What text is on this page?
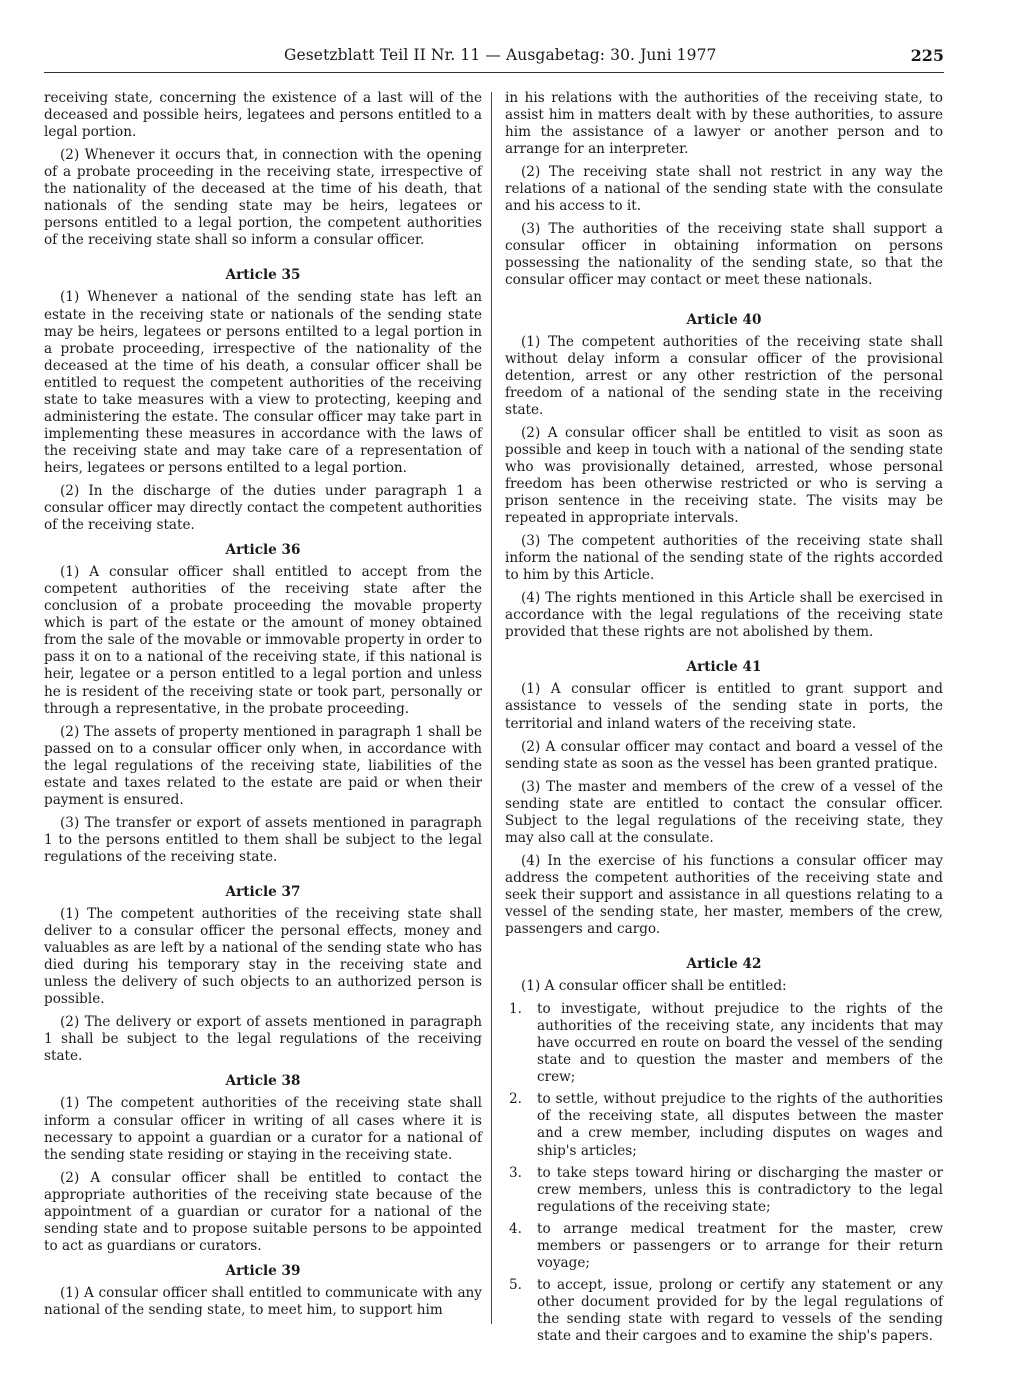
Gesetzblatt Teil II Nr. 11 — Ausgabetag: 30. Juni 1977	225

receiving state, concerning the existence of a last will of the deceased and possible heirs, legatees and persons entitled to a legal portion.

(2) Whenever it occurs that, in connection with the opening of a probate proceeding in the receiving state, irrespective of the nationality of the deceased at the time of his death, that nationals of the sending state may be heirs, legatees or persons entitled to a legal portion, the competent authorities of the receiving state shall so inform a consular officer.

Article 35

(1) Whenever a national of the sending state has left an estate in the receiving state or nationals of the sending state may be heirs, legatees or persons entilted to a legal portion in a probate proceeding, irrespective of the nationality of the deceased at the time of his death, a consular officer shall be entitled to request the competent authorities of the receiving state to take measures with a view to protecting, keeping and administering the estate. The consular officer may take part in implementing these measures in accordance with the laws of the receiving state and may take care of a representation of heirs, legatees or persons entilted to a legal portion.

(2) In the discharge of the duties under paragraph 1 a consular officer may directly contact the competent authorities of the receiving state.

Article 36

(1) A consular officer shall entitled to accept from the competent authorities of the receiving state after the conclusion of a probate proceeding the movable property which is part of the estate or the amount of money obtained from the sale of the movable or immovable property in order to pass it on to a national of the receiving state, if this national is heir, legatee or a person entitled to a legal portion and unless he is resident of the receiving state or took part, personally or through a representative, in the probate proceeding.

(2) The assets of property mentioned in paragraph 1 shall be passed on to a consular officer only when, in accordance with the legal regulations of the receiving state, liabilities of the estate and taxes related to the estate are paid or when their payment is ensured.

(3) The transfer or export of assets mentioned in paragraph 1 to the persons entitled to them shall be subject to the legal regulations of the receiving state.

Article 37

(1) The competent authorities of the receiving state shall deliver to a consular officer the personal effects, money and valuables as are left by a national of the sending state who has died during his temporary stay in the receiving state and unless the delivery of such objects to an authorized person is possible.

(2) The delivery or export of assets mentioned in paragraph 1 shall be subject to the legal regulations of the receiving state.

Article 38

(1) The competent authorities of the receiving state shall inform a consular officer in writing of all cases where it is necessary to appoint a guardian or a curator for a national of the sending state residing or staying in the receiving state.

(2) A consular officer shall be entitled to contact the appropriate authorities of the receiving state because of the appointment of a guardian or curator for a national of the sending state and to propose suitable persons to be appointed to act as guardians or curators.

Article 39

(1) A consular officer shall entitled to communicate with any national of the sending state, to meet him, to support him

in his relations with the authorities of the receiving state, to assist him in matters dealt with by these authorities, to assure him the assistance of a lawyer or another person and to arrange for an interpreter.

(2) The receiving state shall not restrict in any way the relations of a national of the sending state with the consulate and his access to it.

(3) The authorities of the receiving state shall support a consular officer in obtaining information on persons possessing the nationality of the sending state, so that the consular officer may contact or meet these nationals.

Article 40

(1) The competent authorities of the receiving state shall without delay inform a consular officer of the provisional detention, arrest or any other restriction of the personal freedom of a national of the sending state in the receiving state.

(2) A consular officer shall be entitled to visit as soon as possible and keep in touch with a national of the sending state who was provisionally detained, arrested, whose personal freedom has been otherwise restricted or who is serving a prison sentence in the receiving state. The visits may be repeated in appropriate intervals.

(3) The competent authorities of the receiving state shall inform the national of the sending state of the rights accorded to him by this Article.

(4) The rights mentioned in this Article shall be exercised in accordance with the legal regulations of the receiving state provided that these rights are not abolished by them.

Article 41

(1) A consular officer is entitled to grant support and assistance to vessels of the sending state in ports, the territorial and inland waters of the receiving state.

(2) A consular officer may contact and board a vessel of the sending state as soon as the vessel has been granted pratique.

(3) The master and members of the crew of a vessel of the sending state are entitled to contact the consular officer. Subject to the legal regulations of the receiving state, they may also call at the consulate.

(4) In the exercise of his functions a consular officer may address the competent authorities of the receiving state and seek their support and assistance in all questions relating to a vessel of the sending state, her master, members of the crew, passengers and cargo.

Article 42

(1) A consular officer shall be entitled:

1.	to investigate, without prejudice to the rights of the authorities of the receiving state, any incidents that may have occurred en route on board the vessel of the sending state and to question the master and members of the crew;
2.	to settle, without prejudice to the rights of the authorities of the receiving state, all disputes between the master and a crew member, including disputes on wages and ship's articles;
3.	to take steps toward hiring or discharging the master or crew members, unless this is contradictory to the legal regulations of the receiving state;
4.	to arrange medical treatment for the master, crew members or passengers or to arrange for their return voyage;
5.	to accept, issue, prolong or certify any statement or any other document provided for by the legal regulations of the sending state with regard to vessels of the sending state and their cargoes and to examine the ship's papers.
